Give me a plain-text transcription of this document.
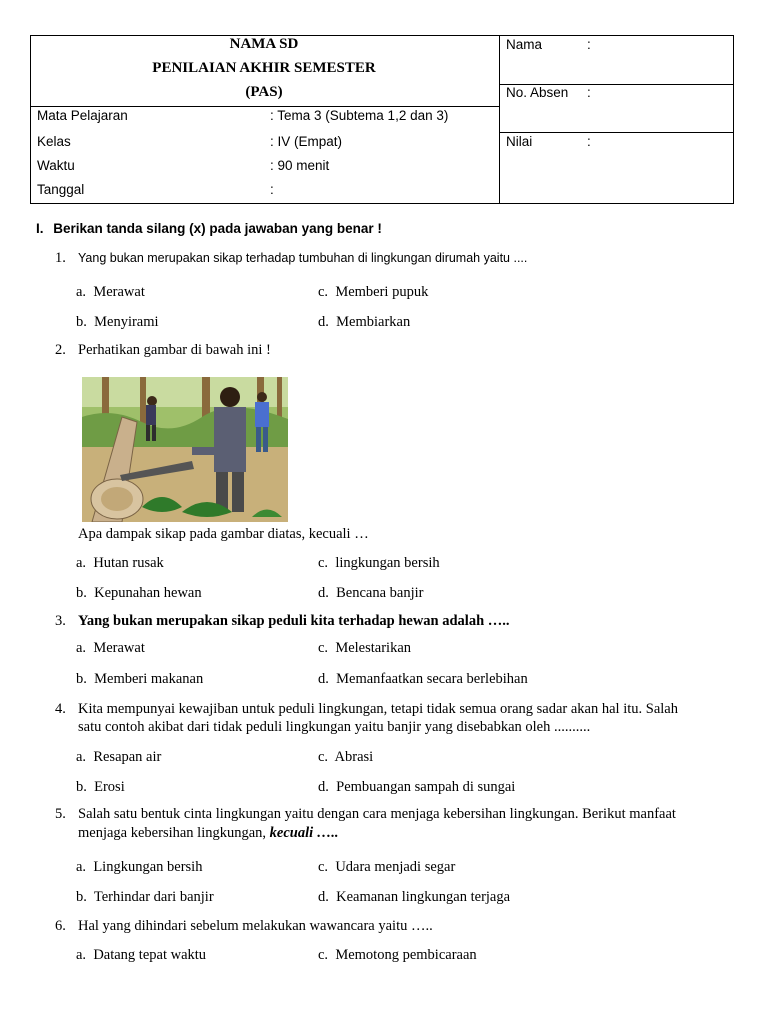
NAMA SD
PENILAIAN AKHIR SEMESTER
(PAS)
Mata Pelajaran	: Tema 3 (Subtema 1,2 dan 3)
Kelas	: IV (Empat)
Waktu	: 90 menit
Tanggal	:
Nama	:
No. Absen :
Nilai	:
I. Berikan tanda silang (x) pada jawaban yang benar !
1. Yang bukan merupakan sikap terhadap tumbuhan di lingkungan dirumah yaitu ....
a. Merawat	c. Memberi pupuk
b. Menyirami	d. Membiarkan
2. Perhatikan gambar di bawah ini !
Apa dampak sikap pada gambar diatas, kecuali …
a. Hutan rusak	c. lingkungan bersih
b. Kepunahan hewan	d. Bencana banjir
3. Yang bukan merupakan sikap peduli kita terhadap hewan adalah …..
a. Merawat	c. Melestarikan
b. Memberi makanan	d. Memanfaatkan secara berlebihan
4. Kita mempunyai kewajiban untuk peduli lingkungan, tetapi tidak semua orang sadar akan hal itu. Salah
satu contoh akibat dari tidak peduli lingkungan yaitu banjir yang disebabkan oleh ..........
a. Resapan air	c. Abrasi
b. Erosi	d. Pembuangan sampah di sungai
5. Salah satu bentuk cinta lingkungan yaitu dengan cara menjaga kebersihan lingkungan. Berikut manfaat
menjaga kebersihan lingkungan, kecuali …..
a. Lingkungan bersih	c. Udara menjadi segar
b. Terhindar dari banjir	d. Keamanan lingkungan terjaga
6. Hal yang dihindari sebelum melakukan wawancara yaitu …..
a. Datang tepat waktu	c. Memotong pembicaraan
